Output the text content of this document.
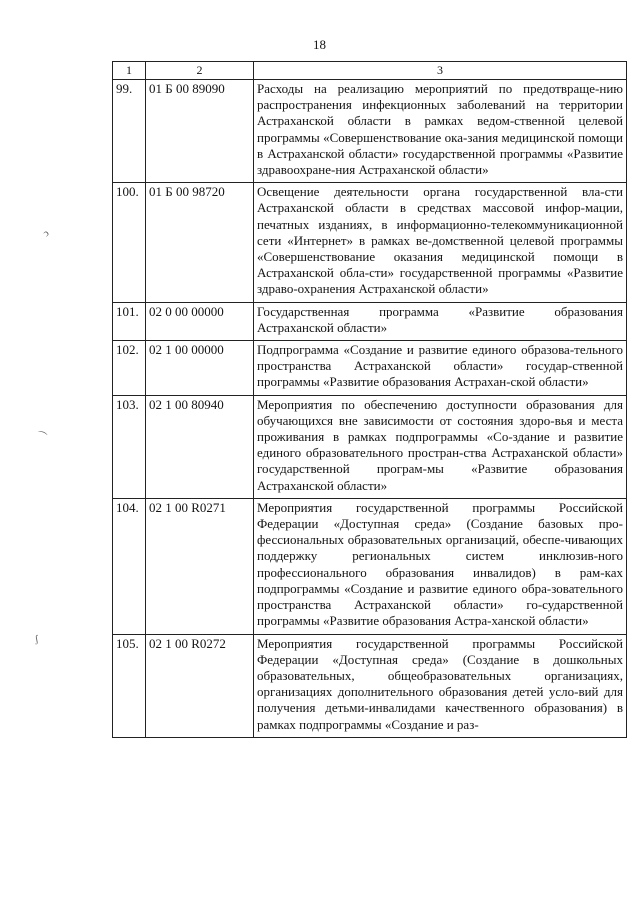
18
ↄ
⌒
ʃ
1	2	3
99.	01 Б 00 89090	Расходы на реализацию мероприятий по предотвраще-нию распространения инфекционных заболеваний на территории Астраханской области в рамках ведом-ственной целевой программы «Совершенствование ока-зания медицинской помощи в Астраханской области» государственной программы «Развитие здравоохране-ния Астраханской области»
100.	01 Б 00 98720	Освещение деятельности органа государственной вла-сти Астраханской области в средствах массовой инфор-мации, печатных изданиях, в информационно-телекоммуникационной сети «Интернет» в рамках ве-домственной целевой программы «Совершенствование оказания медицинской помощи в Астраханской обла-сти» государственной программы «Развитие здраво-охранения Астраханской области»
101.	02 0 00 00000	Государственная программа «Развитие образования Астраханской области»
102.	02 1 00 00000	Подпрограмма «Создание и развитие единого образова-тельного пространства Астраханской области» государ-ственной программы «Развитие образования Астрахан-ской области»
103.	02 1 00 80940	Мероприятия по обеспечению доступности образования для обучающихся вне зависимости от состояния здоро-вья и места проживания в рамках подпрограммы «Со-здание и развитие единого образовательного простран-ства Астраханской области» государственной програм-мы «Развитие образования Астраханской области»
104.	02 1 00 R0271	Мероприятия государственной программы Российской Федерации «Доступная среда» (Создание базовых про-фессиональных образовательных организаций, обеспе-чивающих поддержку региональных систем инклюзив-ного профессионального образования инвалидов) в рам-ках подпрограммы «Создание и развитие единого обра-зовательного пространства Астраханской области» го-сударственной программы «Развитие образования Астра-ханской области»
105.	02 1 00 R0272	Мероприятия государственной программы Российской Федерации «Доступная среда» (Создание в дошкольных образовательных, общеобразовательных организациях, организациях дополнительного образования детей усло-вий для получения детьми-инвалидами качественного образования) в рамках подпрограммы «Создание и раз-
